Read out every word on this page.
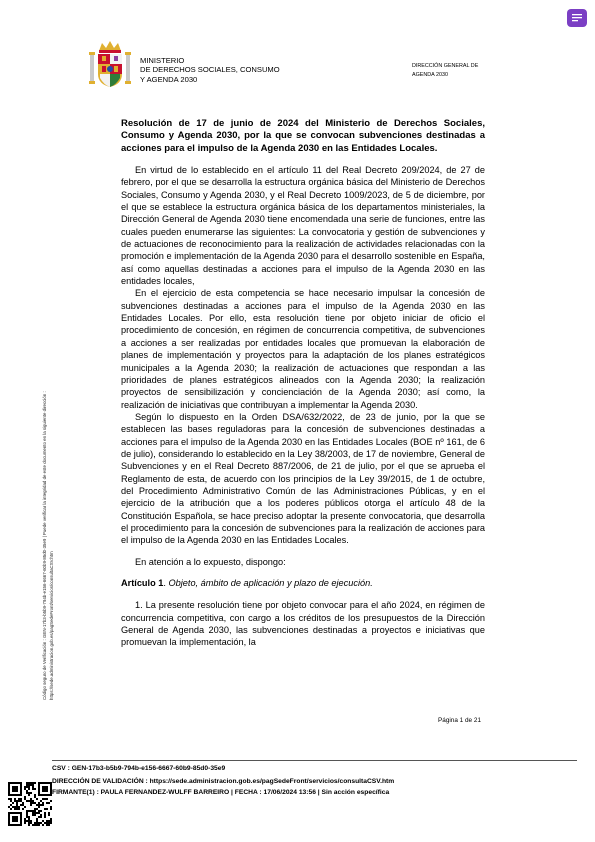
MINISTERIO
DE DERECHOS SOCIALES, CONSUMO
Y AGENDA 2030
DIRECCIÓN GENERAL DE
AGENDA 2030
Código seguro de Verificación : GEN-17b3-b5b9-794b-e156-6667-60b9-85d0-35e9 | Puede verificar la integridad de este documento en la siguiente dirección : https://sede.administracion.gob.es/pagSedeFront/servicios/consultaCSV.htm
Resolución de 17 de junio de 2024 del Ministerio de Derechos Sociales, Consumo y Agenda 2030, por la que se convocan subvenciones destinadas a acciones para el impulso de la Agenda 2030 en las Entidades Locales.

En virtud de lo establecido en el artículo 11 del Real Decreto 209/2024, de 27 de febrero, por el que se desarrolla la estructura orgánica básica del Ministerio de Derechos Sociales, Consumo y Agenda 2030, y el Real Decreto 1009/2023, de 5 de diciembre, por el que se establece la estructura orgánica básica de los departamentos ministeriales, la Dirección General de Agenda 2030 tiene encomendada una serie de funciones, entre las cuales pueden enumerarse las siguientes: La convocatoria y gestión de subvenciones y de actuaciones de reconocimiento para la realización de actividades relacionadas con la promoción e implementación de la Agenda 2030 para el desarrollo sostenible en España, así como aquellas destinadas a acciones para el impulso de la Agenda 2030 en las entidades locales,

En el ejercicio de esta competencia se hace necesario impulsar la concesión de subvenciones destinadas a acciones para el impulso de la Agenda 2030 en las Entidades Locales. Por ello, esta resolución tiene por objeto iniciar de oficio el procedimiento de concesión, en régimen de concurrencia competitiva, de subvenciones a acciones a ser realizadas por entidades locales que promuevan la elaboración de planes de implementación y proyectos para la adaptación de los planes estratégicos municipales a la Agenda 2030; la realización de actuaciones que respondan a las prioridades de planes estratégicos alineados con la Agenda 2030; la realización proyectos de sensibilización y concienciación de la Agenda 2030; así como, la realización de iniciativas que contribuyan a implementar la Agenda 2030.

Según lo dispuesto en la Orden DSA/632/2022, de 23 de junio, por la que se establecen las bases reguladoras para la concesión de subvenciones destinadas a acciones para el impulso de la Agenda 2030 en las Entidades Locales (BOE nº 161, de 6 de julio), considerando lo establecido en la Ley 38/2003, de 17 de noviembre, General de Subvenciones y en el Real Decreto 887/2006, de 21 de julio, por el que se aprueba el Reglamento de esta, de acuerdo con los principios de la Ley 39/2015, de 1 de octubre, del Procedimiento Administrativo Común de las Administraciones Públicas, y en el ejercicio de la atribución que a los poderes públicos otorga el artículo 48 de la Constitución Española, se hace preciso adoptar la presente convocatoria, que desarrolla el procedimiento para la concesión de subvenciones para la realización de acciones para el impulso de la Agenda 2030 en las Entidades Locales.

En atención a lo expuesto, dispongo:

Artículo 1. Objeto, ámbito de aplicación y plazo de ejecución.

1. La presente resolución tiene por objeto convocar para el año 2024, en régimen de concurrencia competitiva, con cargo a los créditos de los presupuestos de la Dirección General de Agenda 2030, las subvenciones destinadas a proyectos e iniciativas que promuevan la implementación, la

Página 1 de 21
CSV : GEN-17b3-b5b9-794b-e156-6667-60b9-85d0-35e9
DIRECCIÓN DE VALIDACIÓN : https://sede.administracion.gob.es/pagSedeFront/servicios/consultaCSV.htm
FIRMANTE(1) : PAULA FERNANDEZ-WULFF BARREIRO | FECHA : 17/06/2024 13:56 | Sin acción específica
